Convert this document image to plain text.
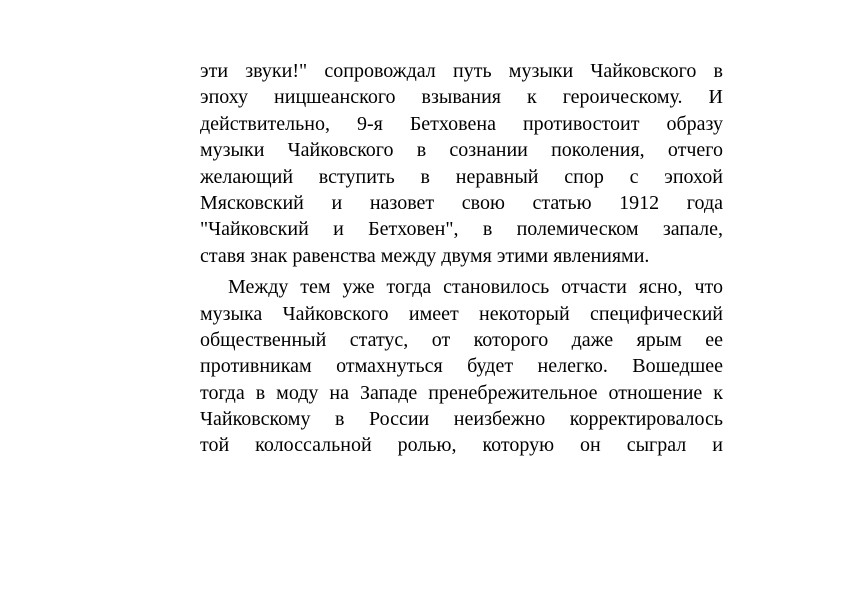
эти звуки!" сопровождал путь музыки Чайковского в
эпоху ницшеанского взывания к героическому. И
действительно, 9-я Бетховена противостоит образу
музыки Чайковского в сознании поколения, отчего
желающий вступить в неравный спор с эпохой
Мясковский и назовет свою статью 1912 года
"Чайковский и Бетховен", в полемическом запале,
ставя знак равенства между двумя этими явлениями.
Между тем уже тогда становилось отчасти ясно, что
музыка Чайковского имеет некоторый специфический
общественный статус, от которого даже ярым ее
противникам отмахнуться будет нелегко. Вошедшее
тогда в моду на Западе пренебрежительное отношение к
Чайковскому в России неизбежно корректировалось
той колоссальной ролью, которую он сыграл и
